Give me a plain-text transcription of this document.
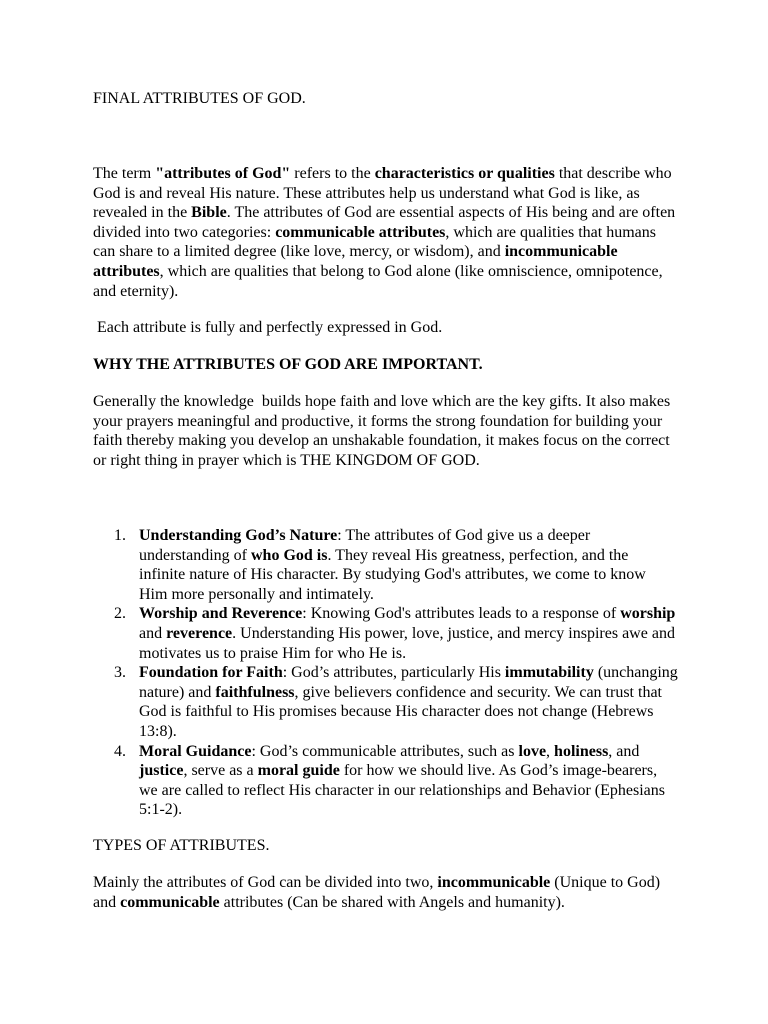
FINAL ATTRIBUTES OF GOD.

The term "attributes of God" refers to the characteristics or qualities that describe who God is and reveal His nature. These attributes help us understand what God is like, as revealed in the Bible. The attributes of God are essential aspects of His being and are often divided into two categories: communicable attributes, which are qualities that humans can share to a limited degree (like love, mercy, or wisdom), and incommunicable attributes, which are qualities that belong to God alone (like omniscience, omnipotence, and eternity).

Each attribute is fully and perfectly expressed in God.

WHY THE ATTRIBUTES OF GOD ARE IMPORTANT.

Generally the knowledge  builds hope faith and love which are the key gifts. It also makes your prayers meaningful and productive, it forms the strong foundation for building your faith thereby making you develop an unshakable foundation, it makes focus on the correct or right thing in prayer which is THE KINGDOM OF GOD.

1. Understanding God’s Nature: The attributes of God give us a deeper understanding of who God is. They reveal His greatness, perfection, and the infinite nature of His character. By studying God's attributes, we come to know Him more personally and intimately.
2. Worship and Reverence: Knowing God's attributes leads to a response of worship and reverence. Understanding His power, love, justice, and mercy inspires awe and motivates us to praise Him for who He is.
3. Foundation for Faith: God’s attributes, particularly His immutability (unchanging nature) and faithfulness, give believers confidence and security. We can trust that God is faithful to His promises because His character does not change (Hebrews 13:8).
4. Moral Guidance: God’s communicable attributes, such as love, holiness, and justice, serve as a moral guide for how we should live. As God’s image-bearers, we are called to reflect His character in our relationships and Behavior (Ephesians 5:1-2).

TYPES OF ATTRIBUTES.

Mainly the attributes of God can be divided into two, incommunicable (Unique to God) and communicable attributes (Can be shared with Angels and humanity).
